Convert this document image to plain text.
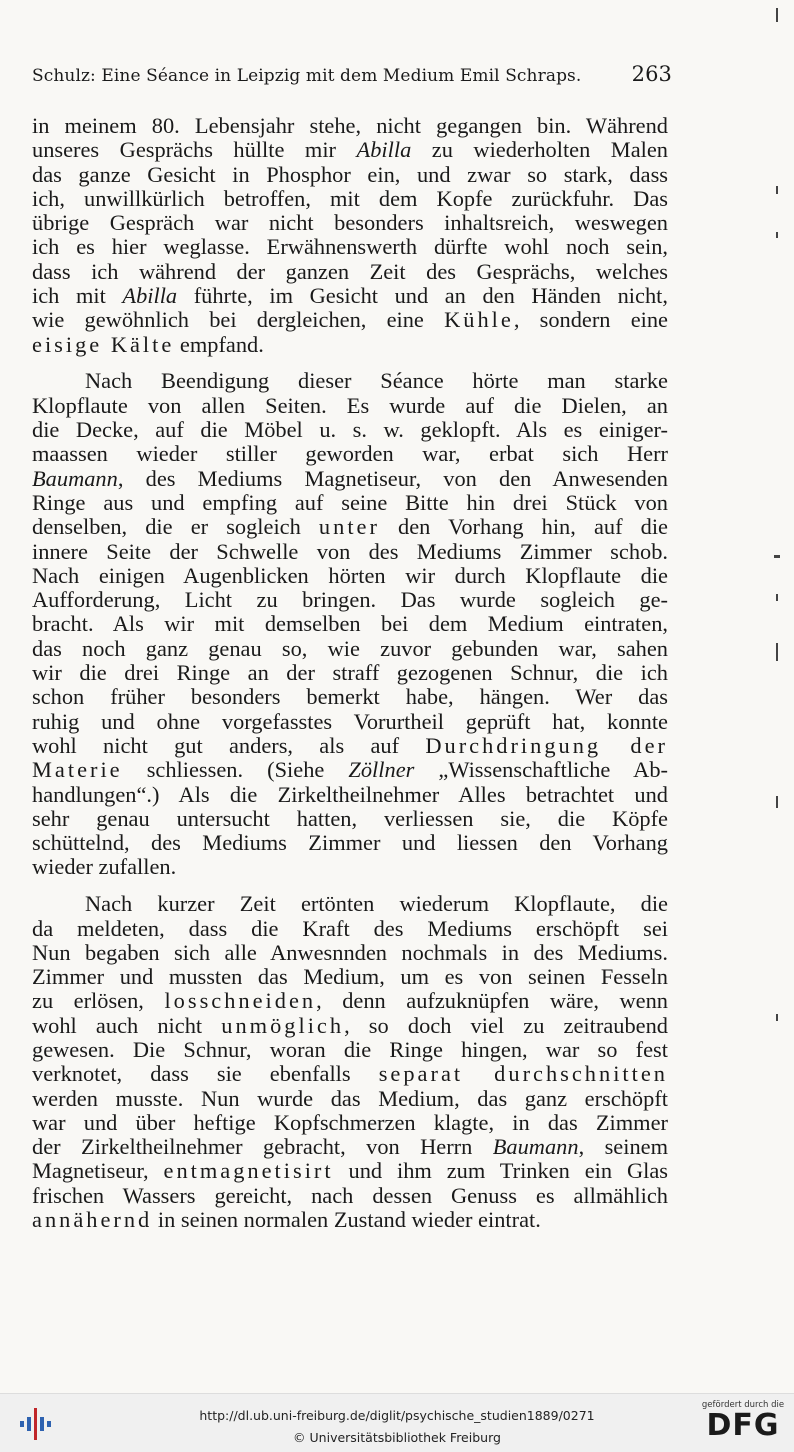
Schulz: Eine Séance in Leipzig mit dem Medium Emil Schraps. 263
in meinem 80. Lebensjahr stehe, nicht gegangen bin. Während
unseres Gesprächs hüllte mir Abilla zu wiederholten Malen
das ganze Gesicht in Phosphor ein, und zwar so stark, dass
ich, unwillkürlich betroffen, mit dem Kopfe zurückfuhr. Das
übrige Gespräch war nicht besonders inhaltsreich, weswegen
ich es hier weglasse. Erwähnenswerth dürfte wohl noch sein,
dass ich während der ganzen Zeit des Gesprächs, welches
ich mit Abilla führte, im Gesicht und an den Händen nicht,
wie gewöhnlich bei dergleichen, eine Kühle, sondern eine
eisige Kälte empfand.
Nach Beendigung dieser Séance hörte man starke
Klopflaute von allen Seiten. Es wurde auf die Dielen, an
die Decke, auf die Möbel u. s. w. geklopft. Als es einiger-
maassen wieder stiller geworden war, erbat sich Herr
Baumann, des Mediums Magnetiseur, von den Anwesenden
Ringe aus und empfing auf seine Bitte hin drei Stück von
denselben, die er sogleich unter den Vorhang hin, auf die
innere Seite der Schwelle von des Mediums Zimmer schob.
Nach einigen Augenblicken hörten wir durch Klopflaute die
Aufforderung, Licht zu bringen. Das wurde sogleich ge-
bracht. Als wir mit demselben bei dem Medium eintraten,
das noch ganz genau so, wie zuvor gebunden war, sahen
wir die drei Ringe an der straff gezogenen Schnur, die ich
schon früher besonders bemerkt habe, hängen. Wer das
ruhig und ohne vorgefasstes Vorurtheil geprüft hat, konnte
wohl nicht gut anders, als auf Durchdringung der
Materie schliessen. (Siehe Zöllner „Wissenschaftliche Ab-
handlungen“.) Als die Zirkeltheilnehmer Alles betrachtet und
sehr genau untersucht hatten, verliessen sie, die Köpfe
schüttelnd, des Mediums Zimmer und liessen den Vorhang
wieder zufallen.
Nach kurzer Zeit ertönten wiederum Klopflaute, die
da meldeten, dass die Kraft des Mediums erschöpft sei
Nun begaben sich alle Anwesnnden nochmals in des Mediums.
Zimmer und mussten das Medium, um es von seinen Fesseln
zu erlösen, losschneiden, denn aufzuknüpfen wäre, wenn
wohl auch nicht unmöglich, so doch viel zu zeitraubend
gewesen. Die Schnur, woran die Ringe hingen, war so fest
verknotet, dass sie ebenfalls separat durchschnitten
werden musste. Nun wurde das Medium, das ganz erschöpft
war und über heftige Kopfschmerzen klagte, in das Zimmer
der Zirkeltheilnehmer gebracht, von Herrn Baumann, seinem
Magnetiseur, entmagnetisirt und ihm zum Trinken ein Glas
frischen Wassers gereicht, nach dessen Genuss es allmählich
annähernd in seinen normalen Zustand wieder eintrat.
http://dl.ub.uni-freiburg.de/diglit/psychische_studien1889/0271
© Universitätsbibliothek Freiburg
gefördert durch die
DFG
